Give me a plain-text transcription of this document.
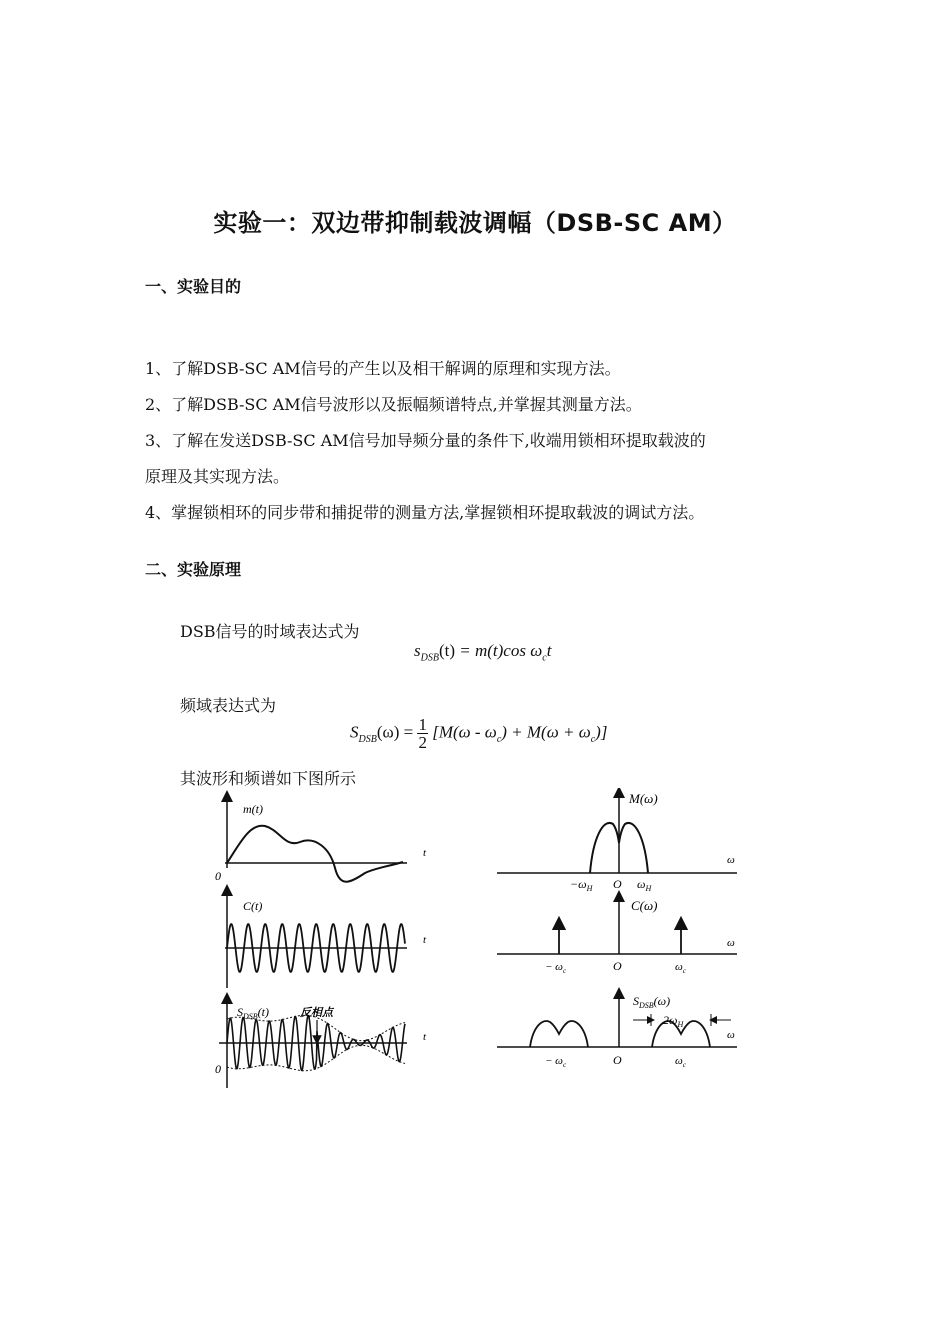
实验一：双边带抑制载波调幅（DSB-SC AM）
一、实验目的
1、了解DSB-SC AM信号的产生以及相干解调的原理和实现方法。
2、了解DSB-SC AM信号波形以及振幅频谱特点,并掌握其测量方法。
3、了解在发送DSB-SC AM信号加导频分量的条件下,收端用锁相环提取载波的
原理及其实现方法。
4、掌握锁相环的同步带和捕捉带的测量方法,掌握锁相环提取载波的调试方法。
二、实验原理
DSB信号的时域表达式为
$s_{DSB}(t) = m(t)\cos$ $\omega_ct$
频域表达式为
$S_{DSB}(\omega) = \frac{1}{2} [M(\omega - \omega_c) + M(\omega + \omega_c)]$
其波形和频谱如下图所示
m(t)
t
0
C(t)
t
$S_{DSB}(t)$	反相点
t
0
M(ω)
ω
$-\omega_H$ O $\omega_H$
C(ω)
ω
− $\omega_c$	O	$\omega_c$
$S_{DSB}(\omega)$
$2\omega_H$
ω
− $\omega_c$	O	$\omega_c$
